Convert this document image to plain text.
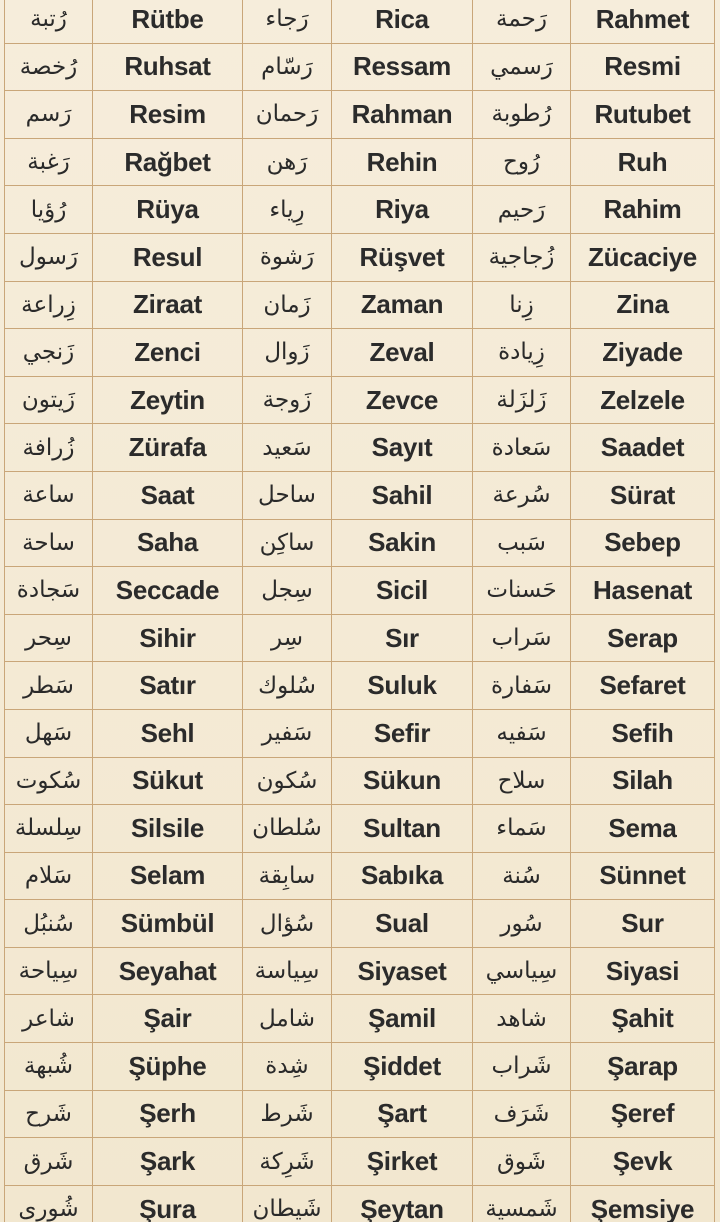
رُتبة	Rütbe	رَجاء	Rica	رَحمة	Rahmet
رُخصة	Ruhsat	رَسّام	Ressam	رَسمي	Resmi
رَسم	Resim	رَحمان	Rahman	رُطوبة	Rutubet
رَغبة	Rağbet	رَهن	Rehin	رُوح	Ruh
رُؤيا	Rüya	رِياء	Riya	رَحيم	Rahim
رَسول	Resul	رَشوة	Rüşvet	زُجاجية	Zücaciye
زِراعة	Ziraat	زَمان	Zaman	زِنا	Zina
زَنجي	Zenci	زَوال	Zeval	زِيادة	Ziyade
زَيتون	Zeytin	زَوجة	Zevce	زَلزَلة	Zelzele
زُرافة	Zürafa	سَعيد	Sayıt	سَعادة	Saadet
ساعة	Saat	ساحل	Sahil	سُرعة	Sürat
ساحة	Saha	ساكِن	Sakin	سَبب	Sebep
سَجادة	Seccade	سِجل	Sicil	حَسنات	Hasenat
سِحر	Sihir	سِر	Sır	سَراب	Serap
سَطر	Satır	سُلوك	Suluk	سَفارة	Sefaret
سَهل	Sehl	سَفير	Sefir	سَفيه	Sefih
سُكوت	Sükut	سُكون	Sükun	سلاح	Silah
سِلسلة	Silsile	سُلطان	Sultan	سَماء	Sema
سَلام	Selam	سابِقة	Sabıka	سُنة	Sünnet
سُنبُل	Sümbül	سُؤال	Sual	سُور	Sur
سِياحة	Seyahat	سِياسة	Siyaset	سِياسي	Siyasi
شاعر	Şair	شامل	Şamil	شاهد	Şahit
شُبهة	Şüphe	شِدة	Şiddet	شَراب	Şarap
شَرح	Şerh	شَرط	Şart	شَرَف	Şeref
شَرق	Şark	شَرِكة	Şirket	شَوق	Şevk
شُورى	Şura	شَيطان	Şeytan	شَمسية	Şemsiye
